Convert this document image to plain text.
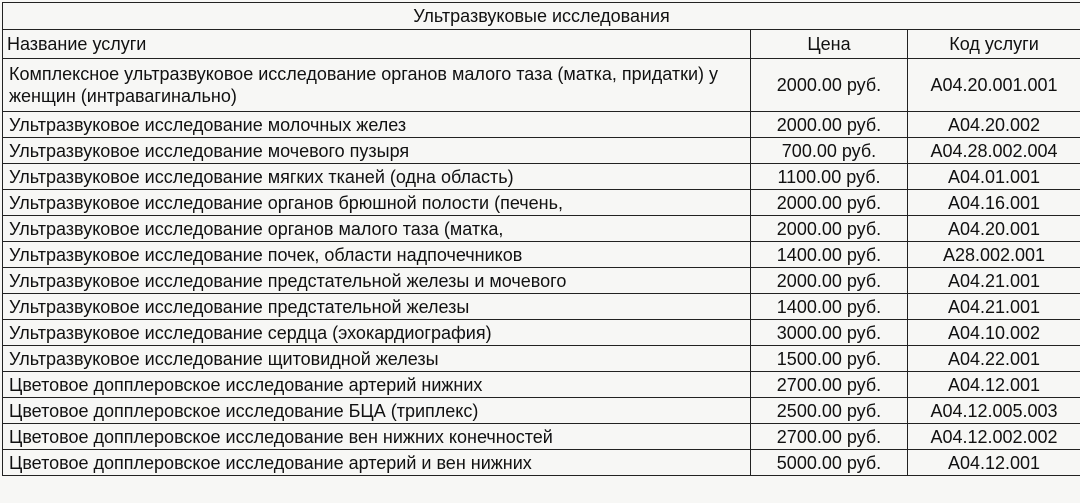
Ультразвуковые исследования		
Название услуги	Цена	Код услуги

Комплексное ультразвуковое исследование органов малого таза (матка, придатки) у женщин (интравагинально)	2000.00 руб.	A04.20.001.001
Ультразвуковое исследование молочных желез	2000.00 руб.	A04.20.002
Ультразвуковое исследование мочевого пузыря	700.00 руб.	A04.28.002.004
Ультразвуковое исследование мягких тканей (одна область)	1100.00 руб.	A04.01.001
Ультразвуковое исследование органов брюшной полости (печень,	2000.00 руб.	A04.16.001
Ультразвуковое исследование органов малого таза (матка,	2000.00 руб.	A04.20.001
Ультразвуковое исследование почек, области надпочечников	1400.00 руб.	A28.002.001
Ультразвуковое исследование предстательной железы и мочевого	2000.00 руб.	A04.21.001
Ультразвуковое исследование предстательной железы	1400.00 руб.	A04.21.001
Ультразвуковое исследование сердца (эхокардиография)	3000.00 руб.	A04.10.002
Ультразвуковое исследование щитовидной железы	1500.00 руб.	A04.22.001
Цветовое допплеровское исследование артерий нижних	2700.00 руб.	A04.12.001
Цветовое допплеровское исследование БЦА (триплекс)	2500.00 руб.	A04.12.005.003
Цветовое допплеровское исследование вен нижних конечностей	2700.00 руб.	A04.12.002.002
Цветовое допплеровское исследование артерий и вен нижних	5000.00 руб.	A04.12.001
